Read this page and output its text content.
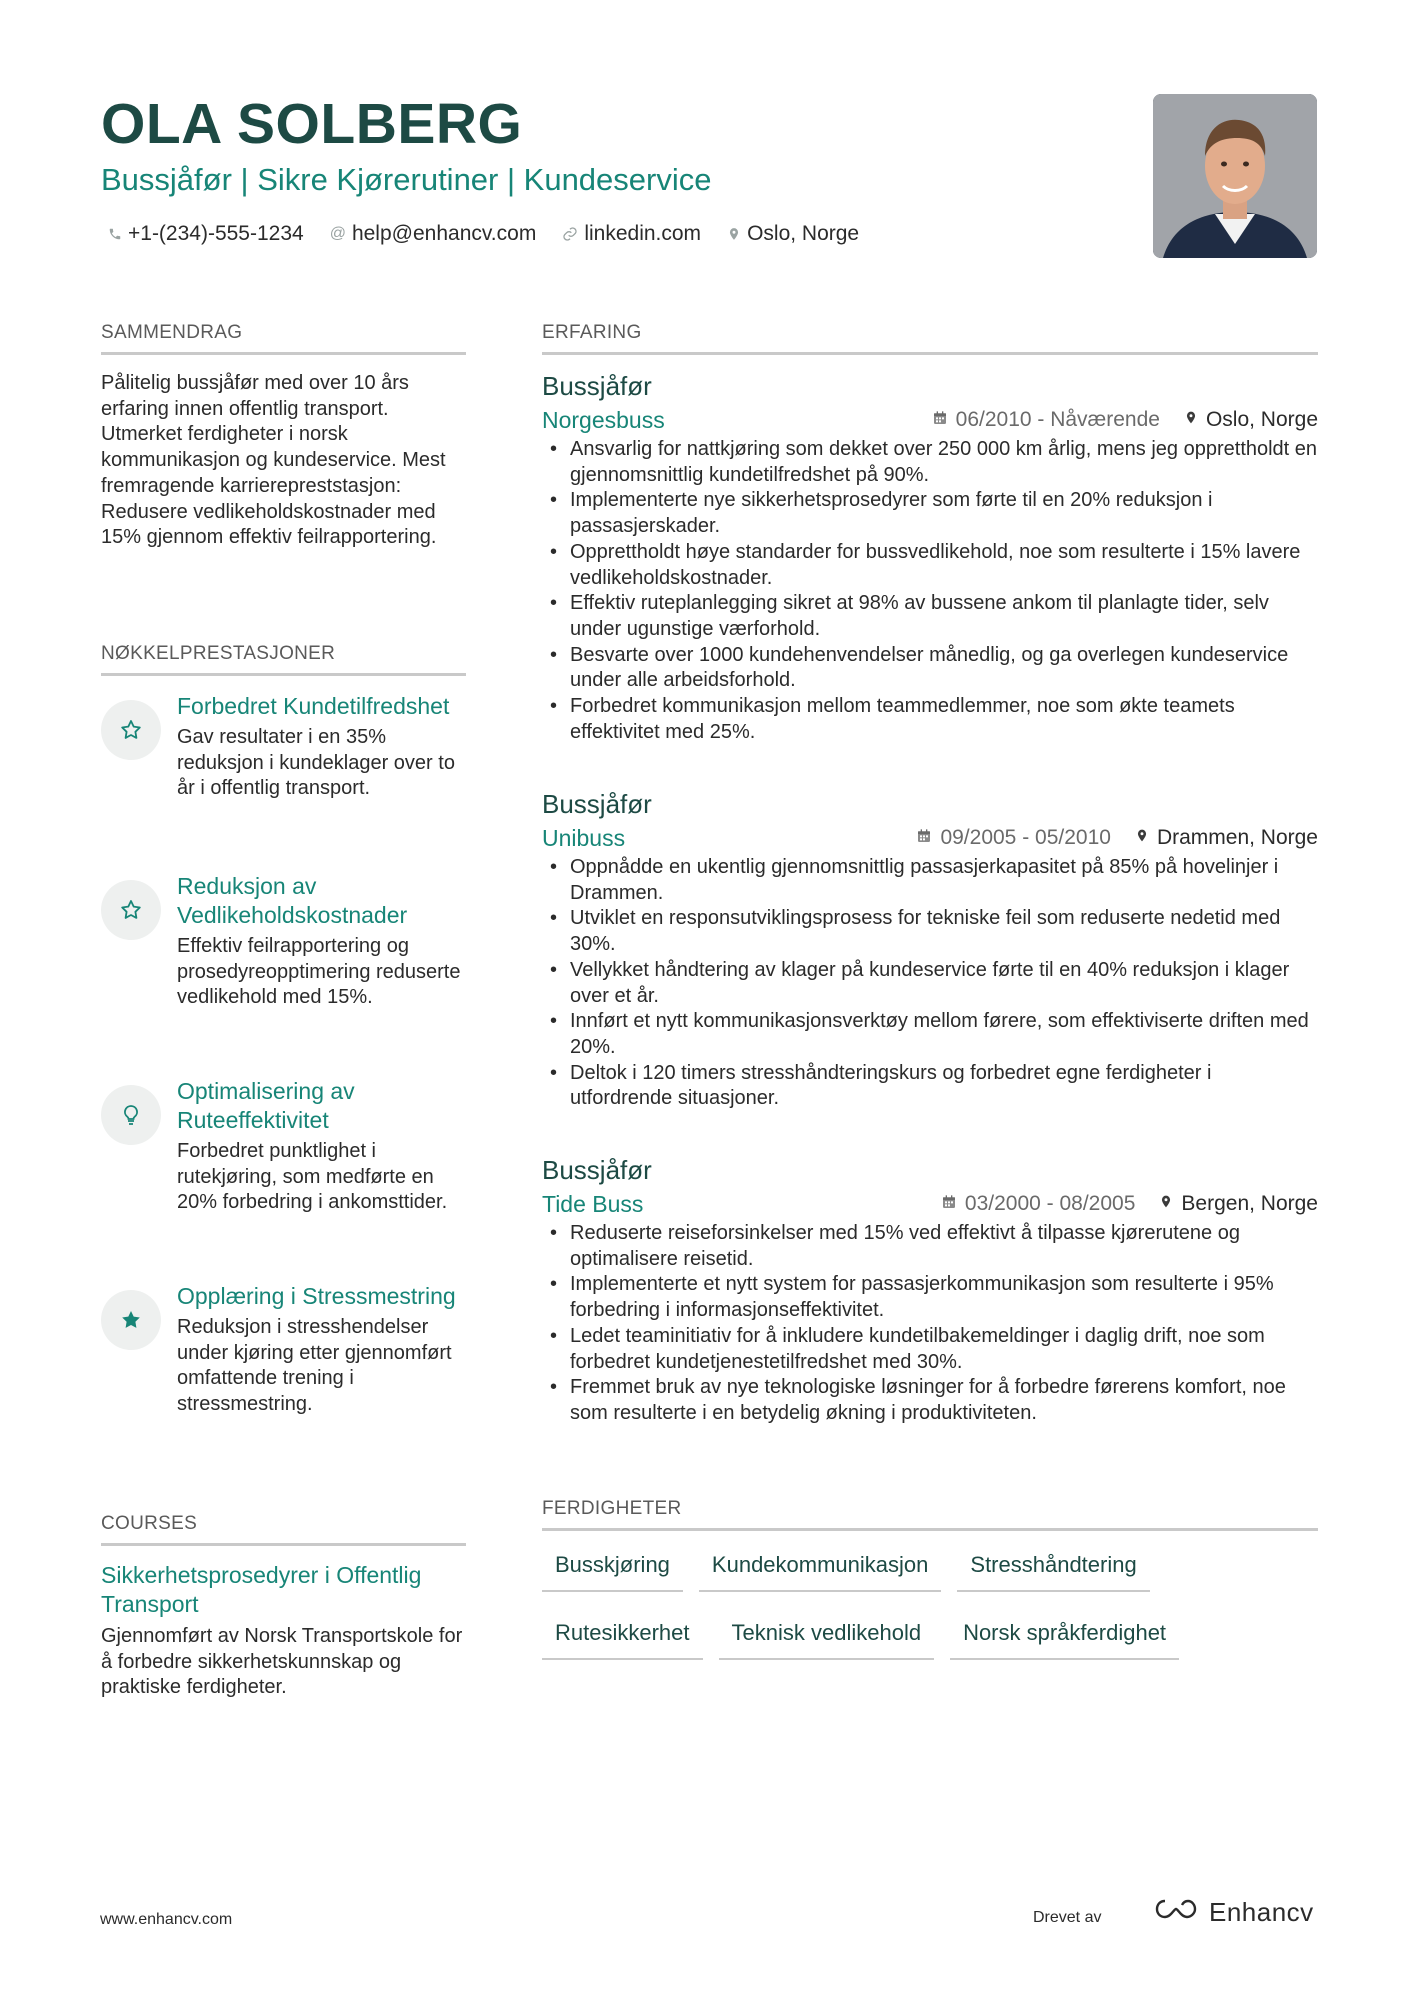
OLA SOLBERG
Bussjåfør | Sikre Kjørerutiner | Kundeservice
+1-(234)-555-1234 @ help@enhancv.com linkedin.com Oslo, Norge
SAMMENDRAG
Pålitelig bussjåfør med over 10 års erfaring innen offentlig transport. Utmerket ferdigheter i norsk kommunikasjon og kundeservice. Mest fremragende karrierepreststasjon: Redusere vedlikeholdskostnader med 15% gjennom effektiv feilrapportering.
NØKKELPRESTASJONER
Forbedret Kundetilfredshet
Gav resultater i en 35% reduksjon i kundeklager over to år i offentlig transport.
Reduksjon av Vedlikeholdskostnader
Effektiv feilrapportering og prosedyreopptimering reduserte vedlikehold med 15%.
Optimalisering av Ruteeffektivitet
Forbedret punktlighet i rutekjøring, som medførte en 20% forbedring i ankomsttider.
Opplæring i Stressmestring
Reduksjon i stresshendelser under kjøring etter gjennomført omfattende trening i stressmestring.
COURSES
Sikkerhetsprosedyrer i Offentlig Transport
Gjennomført av Norsk Transportskole for å forbedre sikkerhetskunnskap og praktiske ferdigheter.
ERFARING
Bussjåfør
Norgesbuss	06/2010 - Nåværende Oslo, Norge
• Ansvarlig for nattkjøring som dekket over 250 000 km årlig, mens jeg opprettholdt en gjennomsnittlig kundetilfredshet på 90%.
• Implementerte nye sikkerhetsprosedyrer som førte til en 20% reduksjon i passasjerskader.
• Opprettholdt høye standarder for bussvedlikehold, noe som resulterte i 15% lavere vedlikeholdskostnader.
• Effektiv ruteplanlegging sikret at 98% av bussene ankom til planlagte tider, selv under ugunstige værforhold.
• Besvarte over 1000 kundehenvendelser månedlig, og ga overlegen kundeservice under alle arbeidsforhold.
• Forbedret kommunikasjon mellom teammedlemmer, noe som økte teamets effektivitet med 25%.
Bussjåfør
Unibuss	09/2005 - 05/2010 Drammen, Norge
• Oppnådde en ukentlig gjennomsnittlig passasjerkapasitet på 85% på hovelinjer i Drammen.
• Utviklet en responsutviklingsprosess for tekniske feil som reduserte nedetid med 30%.
• Vellykket håndtering av klager på kundeservice førte til en 40% reduksjon i klager over et år.
• Innført et nytt kommunikasjonsverktøy mellom førere, som effektiviserte driften med 20%.
• Deltok i 120 timers stresshåndteringskurs og forbedret egne ferdigheter i utfordrende situasjoner.
Bussjåfør
Tide Buss	03/2000 - 08/2005 Bergen, Norge
• Reduserte reiseforsinkelser med 15% ved effektivt å tilpasse kjørerutene og optimalisere reisetid.
• Implementerte et nytt system for passasjerkommunikasjon som resulterte i 95% forbedring i informasjonseffektivitet.
• Ledet teaminitiativ for å inkludere kundetilbakemeldinger i daglig drift, noe som forbedret kundetjenestetilfredshet med 30%.
• Fremmet bruk av nye teknologiske løsninger for å forbedre førerens komfort, noe som resulterte i en betydelig økning i produktiviteten.
FERDIGHETER
Busskjøring	Kundekommunikasjon	Stresshåndtering
Rutesikkerhet	Teknisk vedlikehold	Norsk språkferdighet
www.enhancv.com	Drevet av	Enhancv
